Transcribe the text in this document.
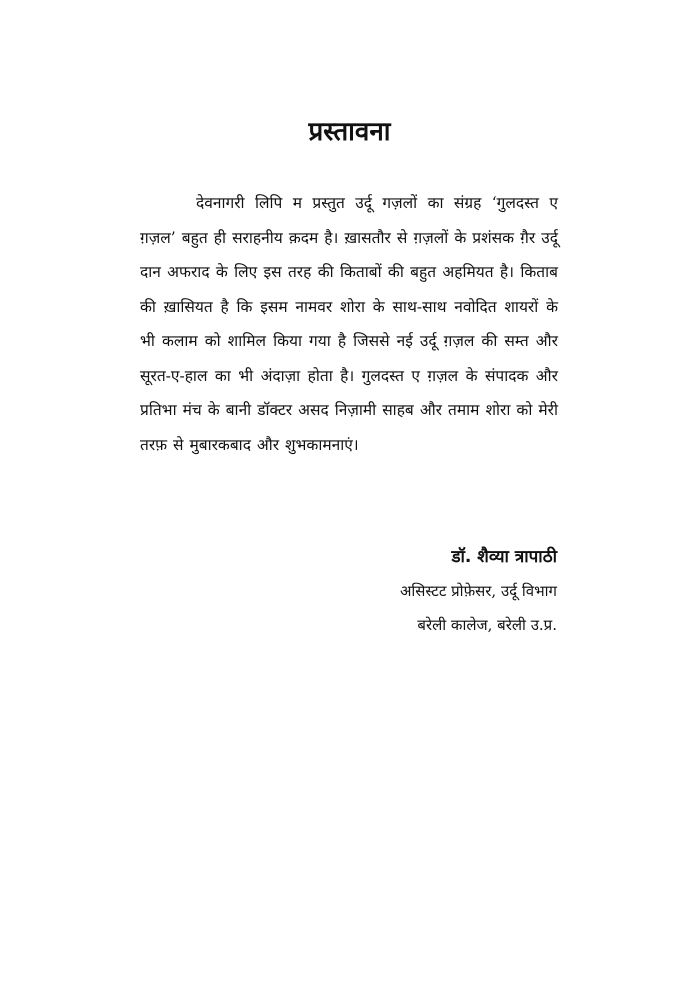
प्रस्तावना

देवनागरी लिपि म प्रस्तुत उर्दू गज़लों का संग्रह ‘गुलदस्त ए ग़ज़ल’ बहुत ही सराहनीय क़दम है। ख़ासतौर से ग़ज़लों के प्रशंसक ग़ैर उर्दू दान अफराद के लिए इस तरह की किताबों की बहुत अहमियत है। किताब की ख़ासियत है कि इसम नामवर शोरा के साथ-साथ नवोदित शायरों के भी कलाम को शामिल किया गया है जिससे नई उर्दू ग़ज़ल की सम्त और सूरत-ए-हाल का भी अंदाज़ा होता है। गुलदस्त ए ग़ज़ल के संपादक और प्रतिभा मंच के बानी डॉक्टर असद निज़ामी साहब और तमाम शोरा को मेरी तरफ़ से मुबारकबाद और शुभकामनाएं।

डॉ. शैव्या त्रापाठी

असिस्टट प्रोफ़ेसर, उर्दू विभाग

बरेली कालेज, बरेली उ.प्र.
